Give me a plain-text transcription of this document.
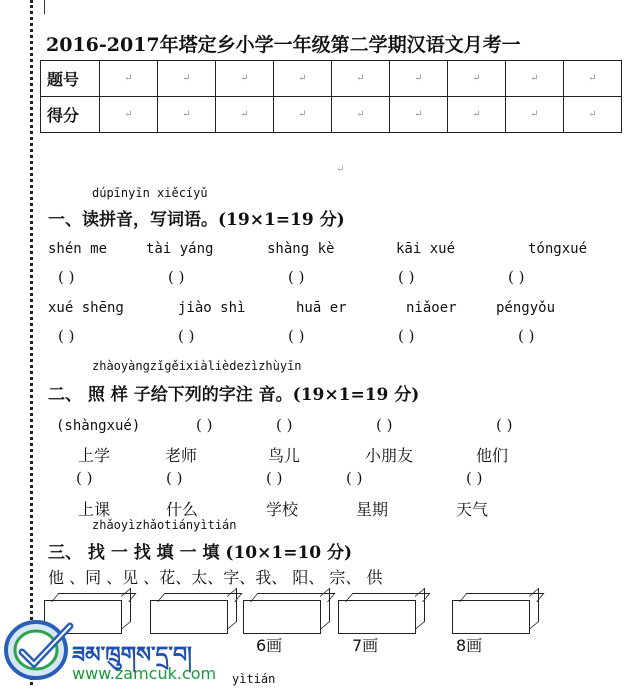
2016-2017年塔定乡小学一年级第二学期汉语文月考一
题号	↵	↵	↵	↵	↵	↵	↵	↵	↵
得分	↵	↵	↵	↵	↵	↵	↵	↵	↵
↵
dúpīnyīn xiěcíyǔ
一、读拼音，写词语。(19×1=19 分)
shén me	tài yáng	shàng kè	kāi xué	tóngxué
( )	( )	( )	( )	( )
xué shēng	jiào shì	huā er	niǎoer	péngyǒu
( )	( )	( )	( )	( )
zhàoyàngzǐgěixiàlièdezìzhùyīn
二、 照 样 子给下列的字注 音。(19×1=19 分)
(shàngxué)	( )	( )	( )	( )
上学	老师	鸟儿	小朋友	他们
( )	( )	( )	( )	( )
上课	什么	学校	星期	天气
zhǎoyìzhǎotiányìtián
三、 找 一 找 填 一 填 (10×1=10 分)
他 、同 、见 、花、太、字、我、 阳、 宗、 供
6画	7画	8画
ཟམ་ཁྲུགས་དྲ་བ།
www.zamcuk.com yìtián
